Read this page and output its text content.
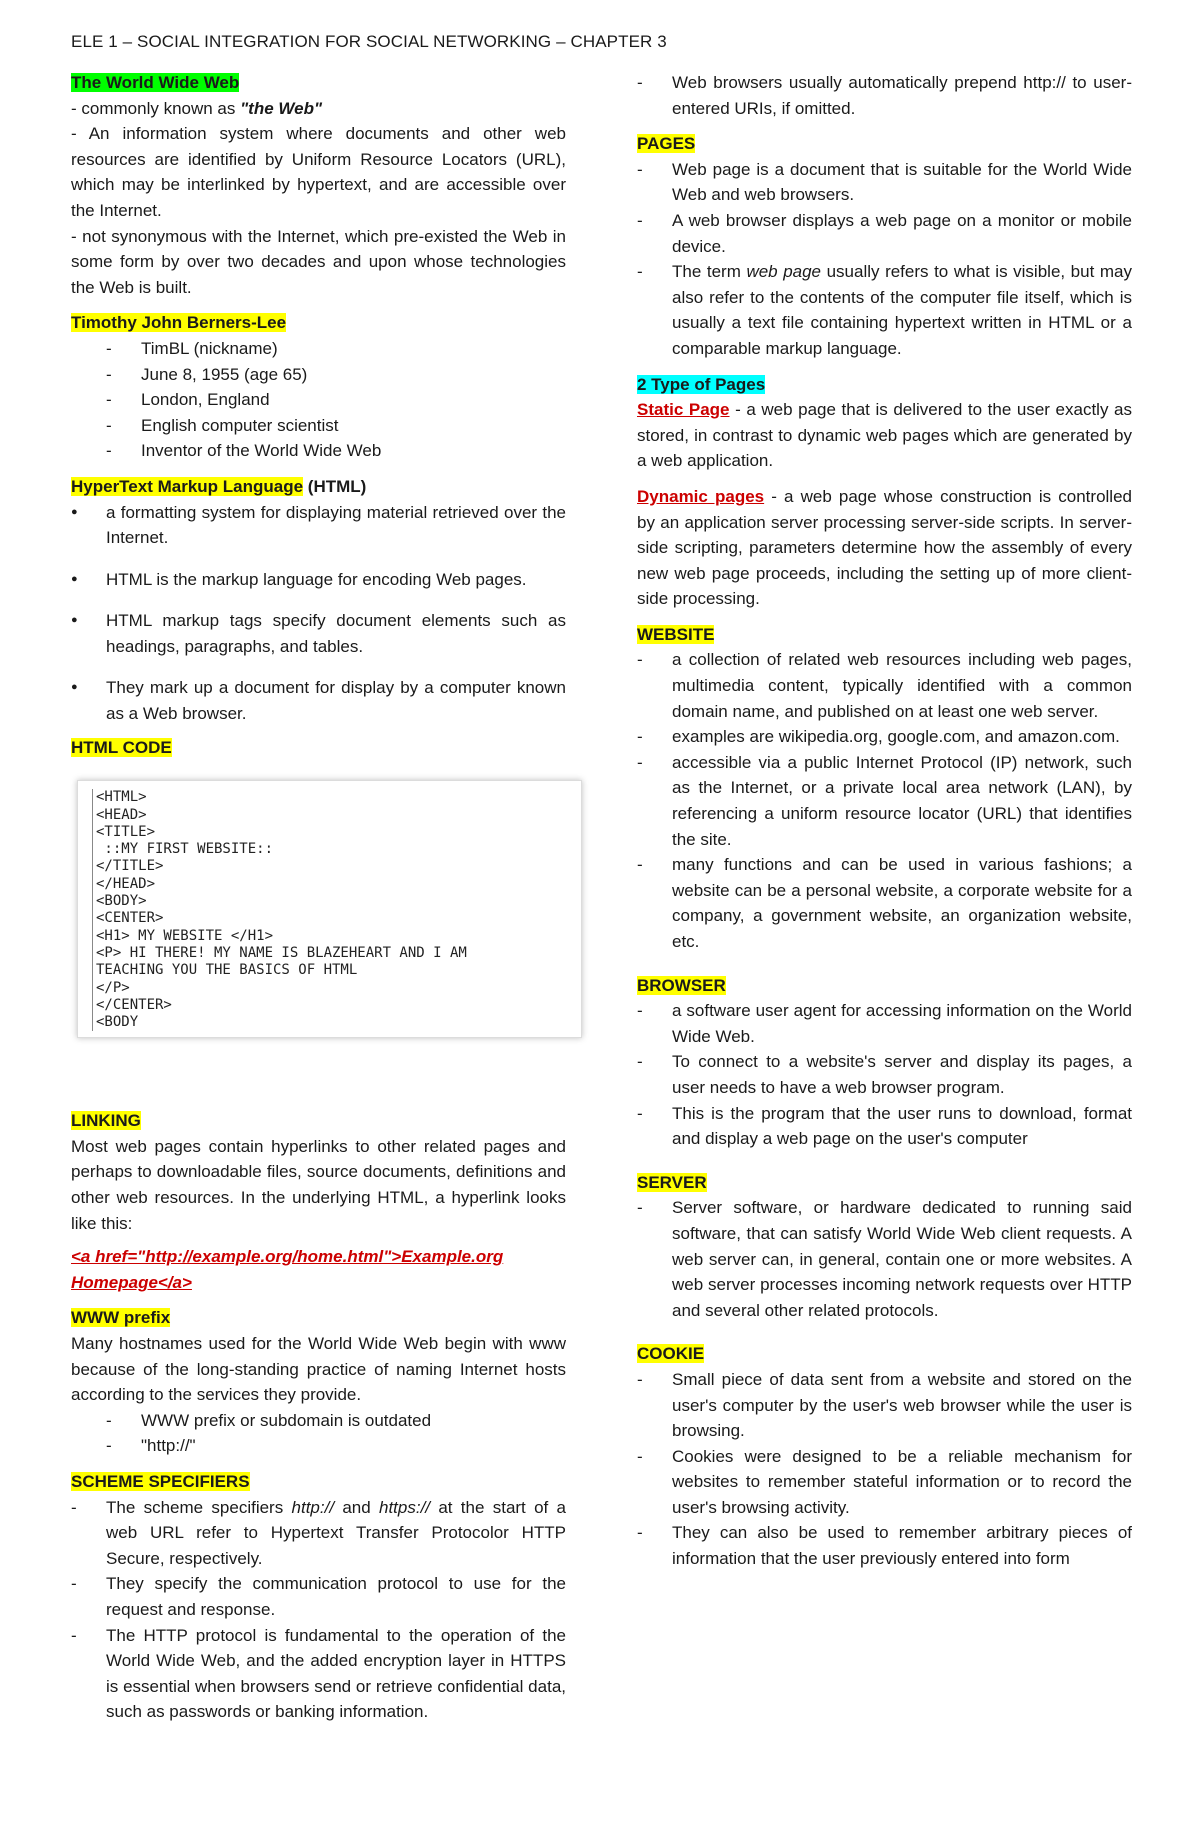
ELE 1 – SOCIAL INTEGRATION FOR SOCIAL NETWORKING – CHAPTER 3

The World Wide Web

- commonly known as "the Web"

- An information system where documents and other web resources are identified by Uniform Resource Locators (URL), which may be interlinked by hypertext, and are accessible over the Internet.

- not synonymous with the Internet, which pre-existed the Web in some form by over two decades and upon whose technologies the Web is built.

Timothy John Berners-Lee

- TimBL (nickname)
- June 8, 1955 (age 65)
- London, England
- English computer scientist
- Inventor of the World Wide Web

HyperText Markup Language (HTML)

● a formatting system for displaying material retrieved over the Internet.
● HTML is the markup language for encoding Web pages.
● HTML markup tags specify document elements such as headings, paragraphs, and tables.
● They mark up a document for display by a computer known as a Web browser.

HTML CODE

<HTML>
<HEAD>
<TITLE>
::MY FIRST WEBSITE::
</TITLE>
</HEAD>
<BODY>
<CENTER>
<H1> MY WEBSITE </H1>
<P> HI THERE! MY NAME IS BLAZEHEART AND I AM
TEACHING YOU THE BASICS OF HTML
</P>
</CENTER>
<BODY

LINKING

Most web pages contain hyperlinks to other related pages and perhaps to downloadable files, source documents, definitions and other web resources. In the underlying HTML, a hyperlink looks like this:

<a href="http://example.org/home.html">Example.org Homepage</a>

WWW prefix

Many hostnames used for the World Wide Web begin with www because of the long-standing practice of naming Internet hosts according to the services they provide.

- WWW prefix or subdomain is outdated
- "http://"

SCHEME SPECIFIERS

- The scheme specifiers http:// and https:// at the start of a web URL refer to Hypertext Transfer Protocolor HTTP Secure, respectively.
- They specify the communication protocol to use for the request and response.
- The HTTP protocol is fundamental to the operation of the World Wide Web, and the added encryption layer in HTTPS is essential when browsers send or retrieve confidential data, such as passwords or banking information.
- Web browsers usually automatically prepend http:// to user-entered URIs, if omitted.

PAGES

- Web page is a document that is suitable for the World Wide Web and web browsers.
- A web browser displays a web page on a monitor or mobile device.
- The term web page usually refers to what is visible, but may also refer to the contents of the computer file itself, which is usually a text file containing hypertext written in HTML or a comparable markup language.

2 Type of Pages

Static Page - a web page that is delivered to the user exactly as stored, in contrast to dynamic web pages which are generated by a web application.

Dynamic pages - a web page whose construction is controlled by an application server processing server-side scripts. In server-side scripting, parameters determine how the assembly of every new web page proceeds, including the setting up of more client-side processing.

WEBSITE

- a collection of related web resources including web pages, multimedia content, typically identified with a common domain name, and published on at least one web server.
- examples are wikipedia.org, google.com, and amazon.com.
- accessible via a public Internet Protocol (IP) network, such as the Internet, or a private local area network (LAN), by referencing a uniform resource locator (URL) that identifies the site.
- many functions and can be used in various fashions; a website can be a personal website, a corporate website for a company, a government website, an organization website, etc.

BROWSER

- a software user agent for accessing information on the World Wide Web.
- To connect to a website's server and display its pages, a user needs to have a web browser program.
- This is the program that the user runs to download, format and display a web page on the user's computer

SERVER

- Server software, or hardware dedicated to running said software, that can satisfy World Wide Web client requests. A web server can, in general, contain one or more websites. A web server processes incoming network requests over HTTP and several other related protocols.

COOKIE

- Small piece of data sent from a website and stored on the user's computer by the user's web browser while the user is browsing.
- Cookies were designed to be a reliable mechanism for websites to remember stateful information or to record the user's browsing activity.
- They can also be used to remember arbitrary pieces of information that the user previously entered into form
